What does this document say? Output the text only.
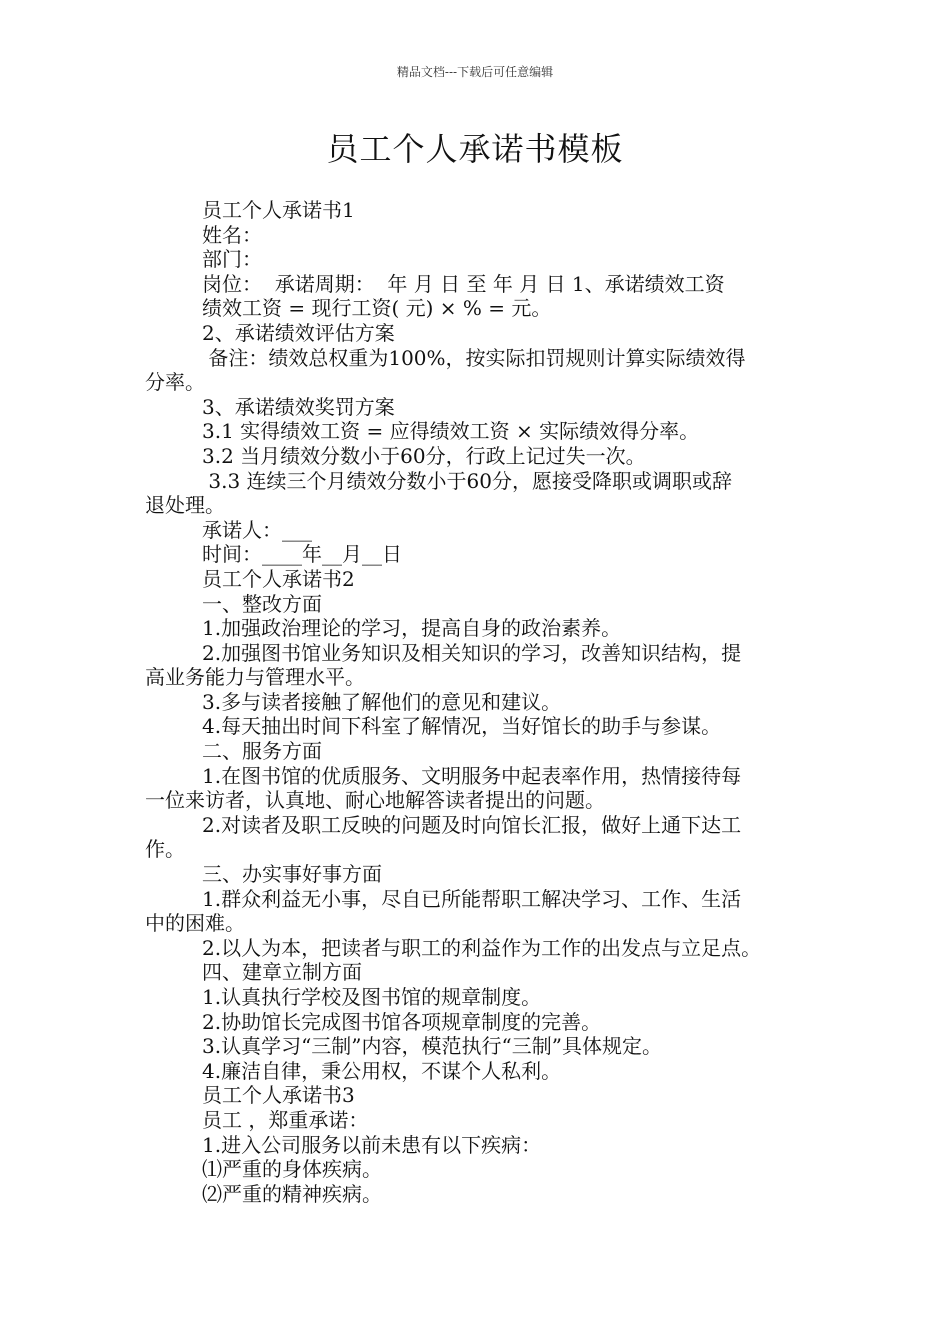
精品文档---下载后可任意编辑
员工个人承诺书模板
员工个人承诺书1
姓名：
部门：
岗位：  承诺周期：  年 月 日 至 年 月 日 1、承诺绩效工资
绩效工资 = 现行工资( 元) × % = 元。
2、承诺绩效评估方案
备注：绩效总权重为100%，按实际扣罚规则计算实际绩效得
分率。
3、承诺绩效奖罚方案
3.1 实得绩效工资 = 应得绩效工资 × 实际绩效得分率。
3.2 当月绩效分数小于60分，行政上记过失一次。
3.3 连续三个月绩效分数小于60分，愿接受降职或调职或辞
退处理。
承诺人：___
时间：____年__月__日
员工个人承诺书2
一、整改方面
1.加强政治理论的学习，提高自身的政治素养。
2.加强图书馆业务知识及相关知识的学习，改善知识结构，提
高业务能力与管理水平。
3.多与读者接触了解他们的意见和建议。
4.每天抽出时间下科室了解情况，当好馆长的助手与参谋。
二、服务方面
1.在图书馆的优质服务、文明服务中起表率作用，热情接待每
一位来访者，认真地、耐心地解答读者提出的问题。
2.对读者及职工反映的问题及时向馆长汇报，做好上通下达工
作。
三、办实事好事方面
1.群众利益无小事，尽自已所能帮职工解决学习、工作、生活
中的困难。
2.以人为本，把读者与职工的利益作为工作的出发点与立足点。
四、建章立制方面
1.认真执行学校及图书馆的规章制度。
2.协助馆长完成图书馆各项规章制度的完善。
3.认真学习“三制”内容，模范执行“三制”具体规定。
4.廉洁自律，秉公用权，不谋个人私利。
员工个人承诺书3
员工 ，郑重承诺：
1.进入公司服务以前未患有以下疾病：
⑴严重的身体疾病。
⑵严重的精神疾病。
